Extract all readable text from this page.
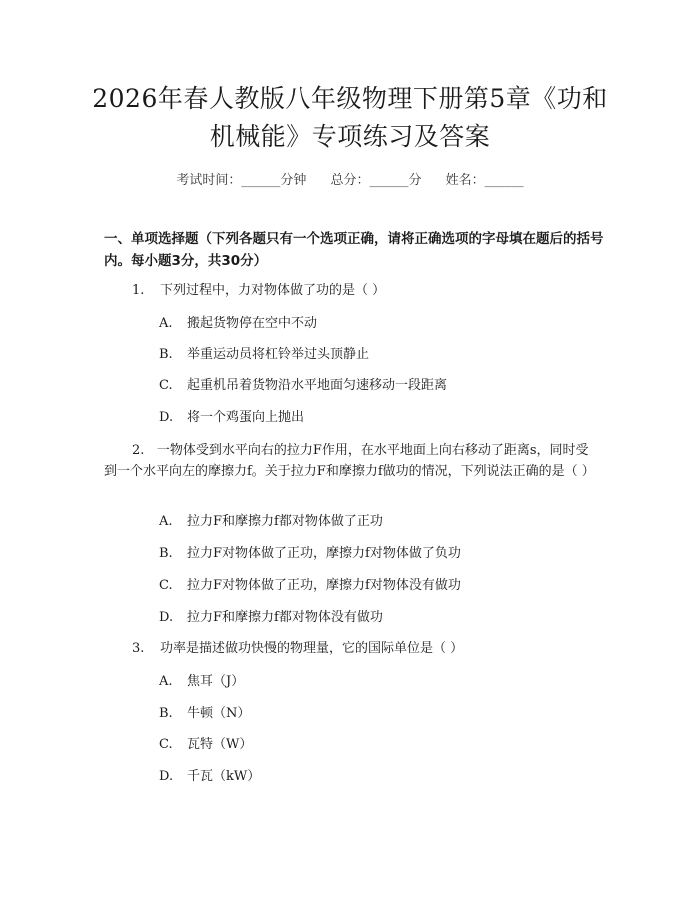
2026年春人教版八年级物理下册第5章《功和机械能》专项练习及答案
考试时间：______分钟 总分：______分 姓名：______
一、单项选择题（下列各题只有一个选项正确，请将正确选项的字母填在题后的括号内。每小题3分，共30分）
1. 下列过程中，力对物体做了功的是（ ）
A. 搬起货物停在空中不动
B. 举重运动员将杠铃举过头顶静止
C. 起重机吊着货物沿水平地面匀速移动一段距离
D. 将一个鸡蛋向上抛出
2. 一物体受到水平向右的拉力F作用，在水平地面上向右移动了距离s，同时受到一个水平向左的摩擦力f。关于拉力F和摩擦力f做功的情况，下列说法正确的是（ ）
A. 拉力F和摩擦力f都对物体做了正功
B. 拉力F对物体做了正功，摩擦力f对物体做了负功
C. 拉力F对物体做了正功，摩擦力f对物体没有做功
D. 拉力F和摩擦力f都对物体没有做功
3. 功率是描述做功快慢的物理量，它的国际单位是（ ）
A. 焦耳（J）
B. 牛顿（N）
C. 瓦特（W）
D. 千瓦（kW）
